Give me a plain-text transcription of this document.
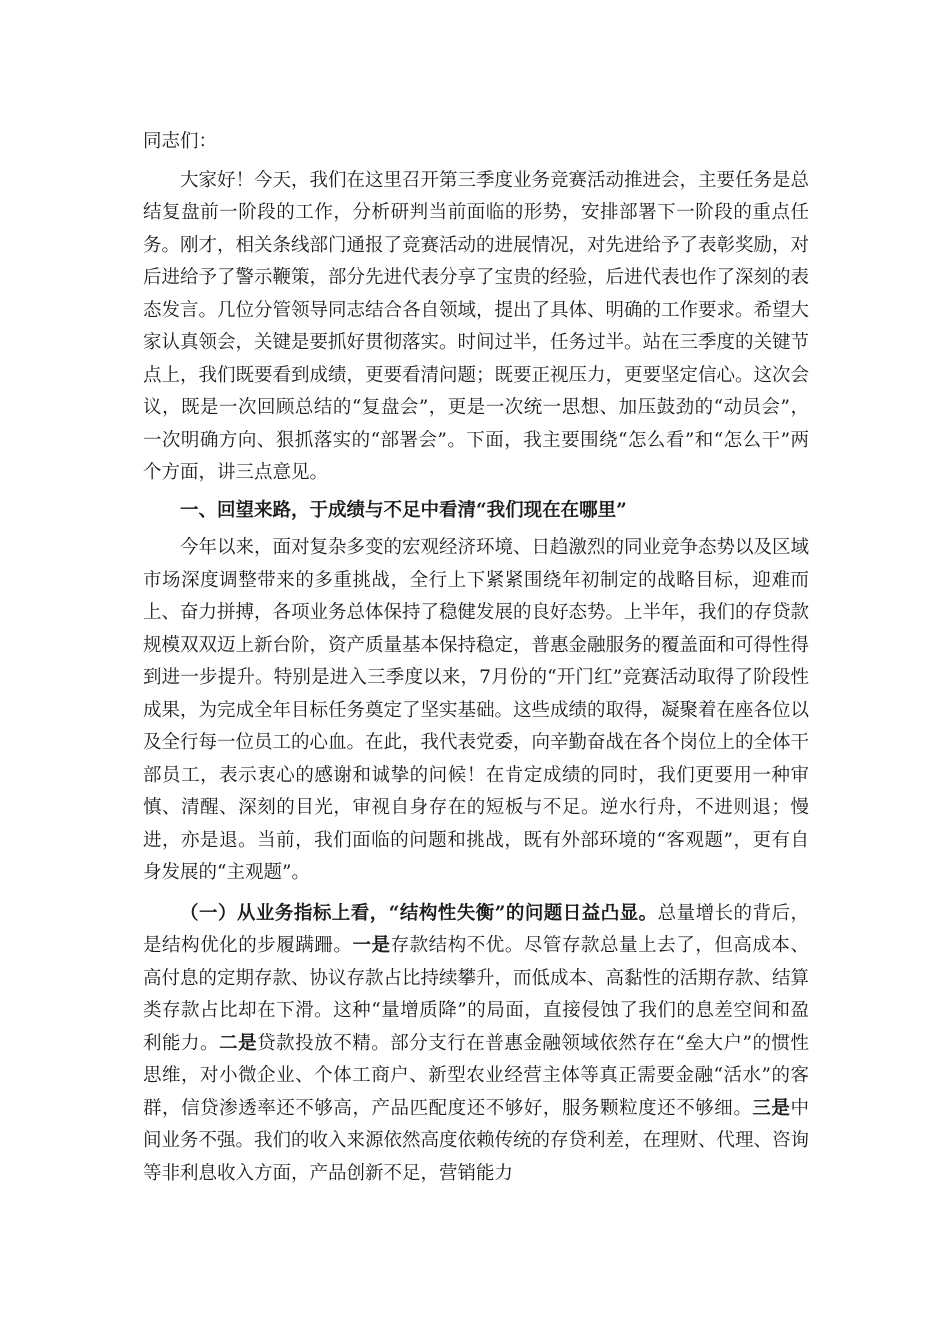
同志们：

大家好！今天，我们在这里召开第三季度业务竞赛活动推进会，主要任务是总结复盘前一阶段的工作，分析研判当前面临的形势，安排部署下一阶段的重点任务。刚才，相关条线部门通报了竞赛活动的进展情况，对先进给予了表彰奖励，对后进给予了警示鞭策，部分先进代表分享了宝贵的经验，后进代表也作了深刻的表态发言。几位分管领导同志结合各自领域，提出了具体、明确的工作要求。希望大家认真领会，关键是要抓好贯彻落实。时间过半，任务过半。站在三季度的关键节点上，我们既要看到成绩，更要看清问题；既要正视压力，更要坚定信心。这次会议，既是一次回顾总结的“复盘会”，更是一次统一思想、加压鼓劲的“动员会”，一次明确方向、狠抓落实的“部署会”。下面，我主要围绕“怎么看”和“怎么干”两个方面，讲三点意见。

一、回望来路，于成绩与不足中看清“我们现在在哪里”

今年以来，面对复杂多变的宏观经济环境、日趋激烈的同业竞争态势以及区域市场深度调整带来的多重挑战，全行上下紧紧围绕年初制定的战略目标，迎难而上、奋力拼搏，各项业务总体保持了稳健发展的良好态势。上半年，我们的存贷款规模双双迈上新台阶，资产质量基本保持稳定，普惠金融服务的覆盖面和可得性得到进一步提升。特别是进入三季度以来，7月份的“开门红”竞赛活动取得了阶段性成果，为完成全年目标任务奠定了坚实基础。这些成绩的取得，凝聚着在座各位以及全行每一位员工的心血。在此，我代表党委，向辛勤奋战在各个岗位上的全体干部员工，表示衷心的感谢和诚挚的问候！在肯定成绩的同时，我们更要用一种审慎、清醒、深刻的目光，审视自身存在的短板与不足。逆水行舟，不进则退；慢进，亦是退。当前，我们面临的问题和挑战，既有外部环境的“客观题”，更有自身发展的“主观题”。

（一）从业务指标上看，“结构性失衡”的问题日益凸显。总量增长的背后，是结构优化的步履蹒跚。一是存款结构不优。尽管存款总量上去了，但高成本、高付息的定期存款、协议存款占比持续攀升，而低成本、高黏性的活期存款、结算类存款占比却在下滑。这种“量增质降”的局面，直接侵蚀了我们的息差空间和盈利能力。二是贷款投放不精。部分支行在普惠金融领域依然存在“垒大户”的惯性思维，对小微企业、个体工商户、新型农业经营主体等真正需要金融“活水”的客群，信贷渗透率还不够高，产品匹配度还不够好，服务颗粒度还不够细。三是中间业务不强。我们的收入来源依然高度依赖传统的存贷利差，在理财、代理、咨询等非利息收入方面，产品创新不足，营销能力
